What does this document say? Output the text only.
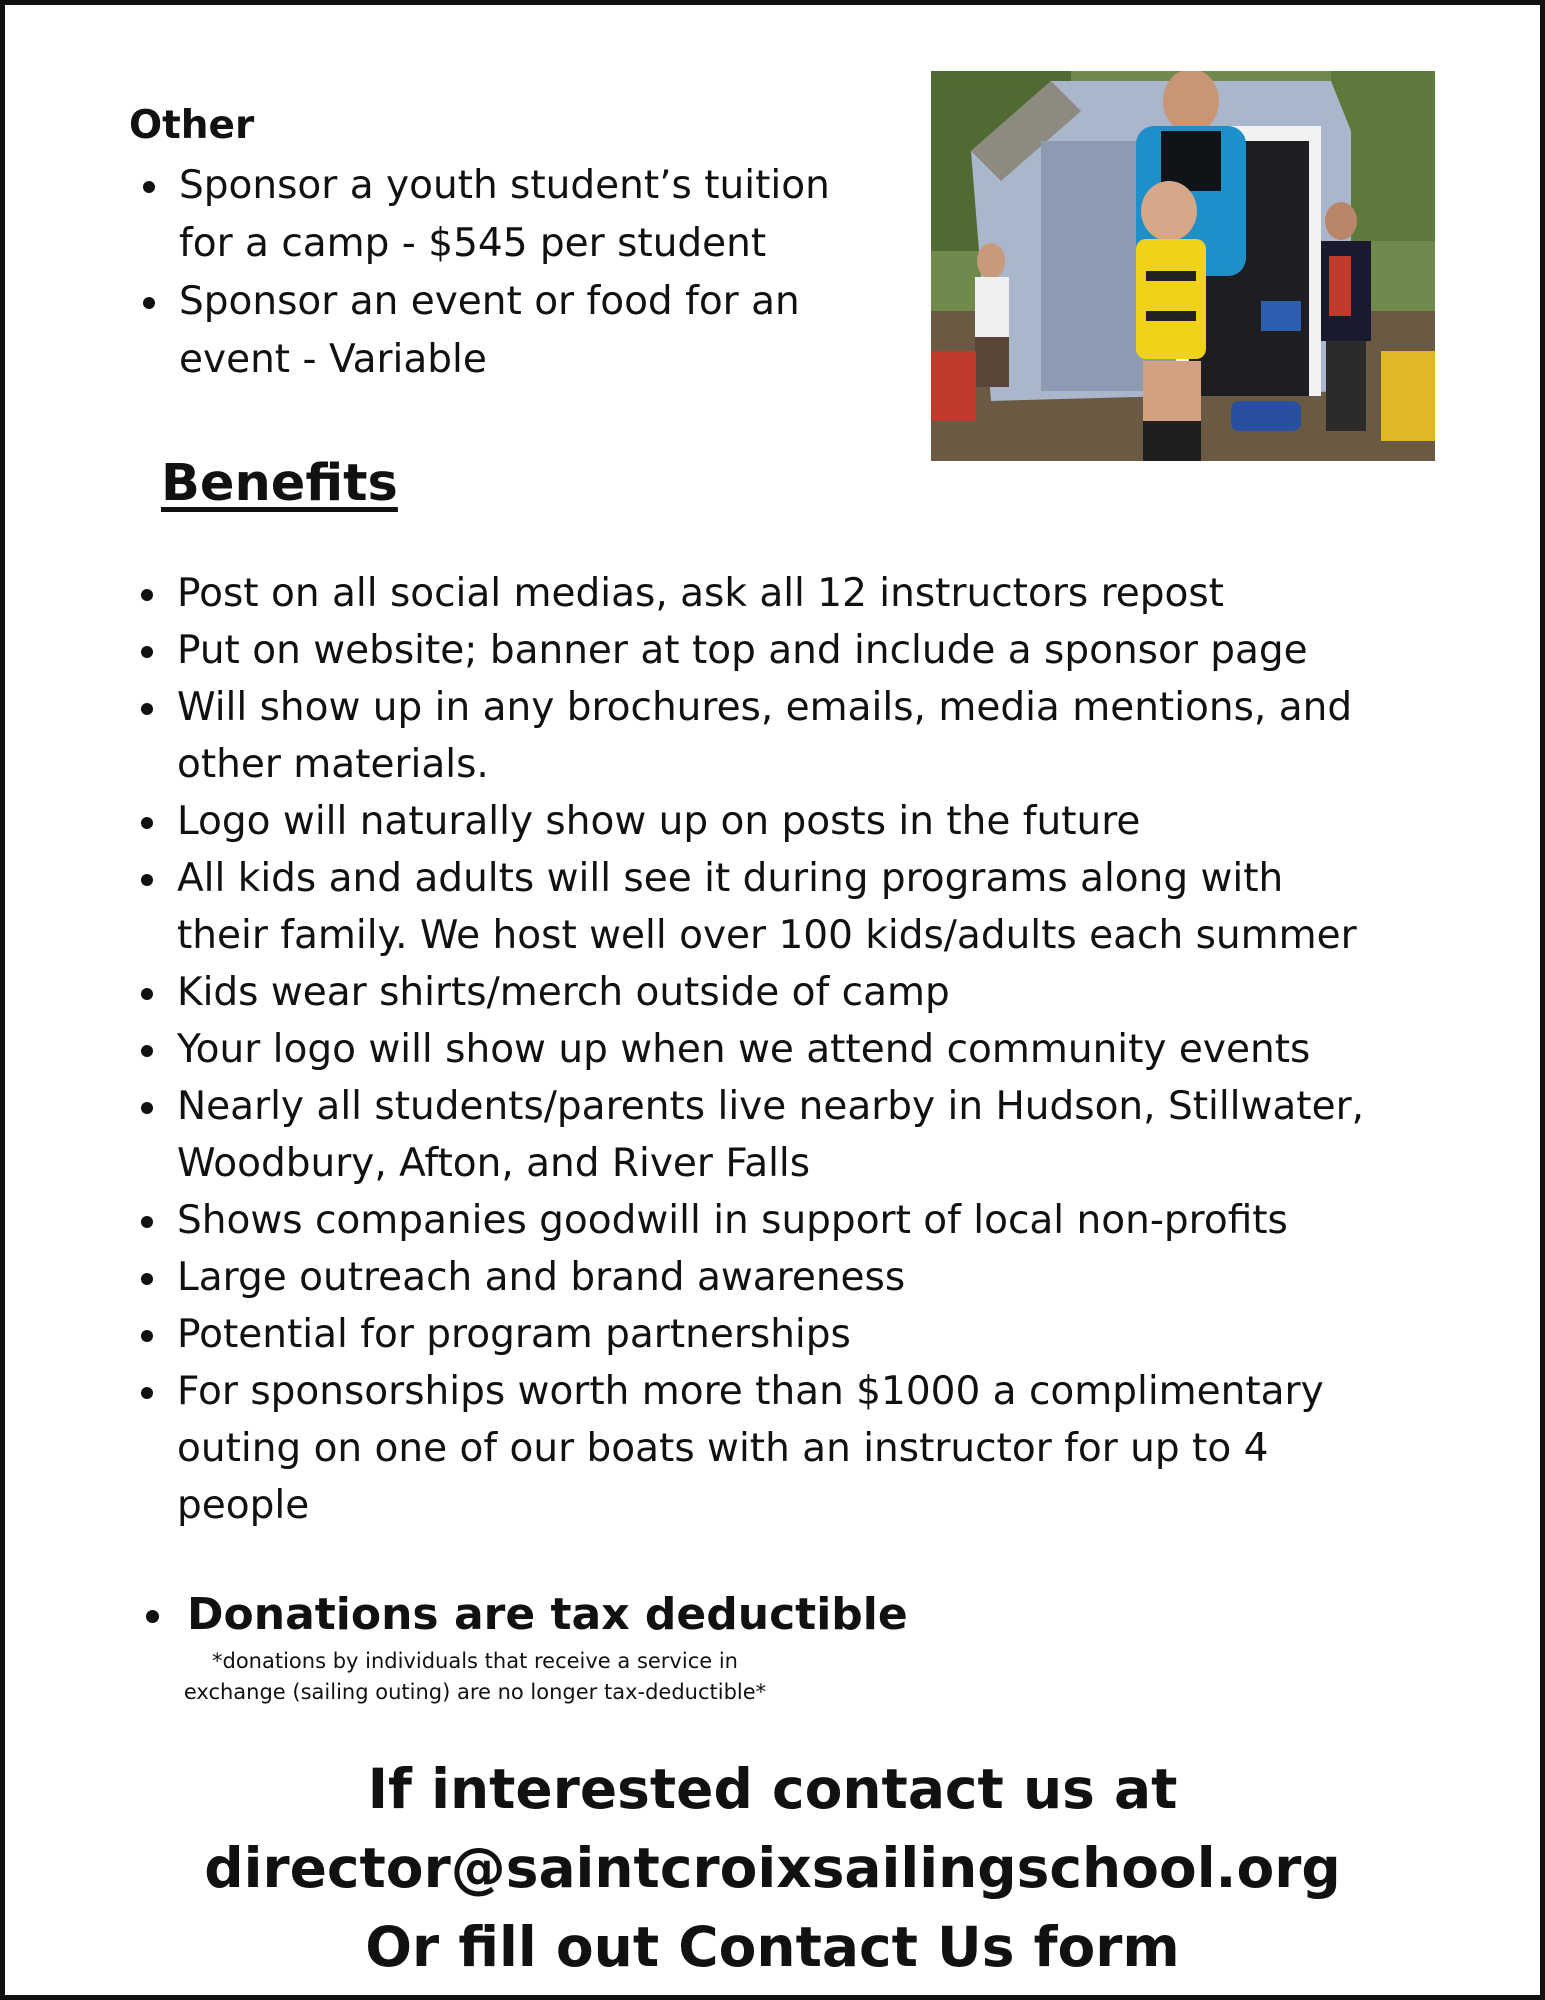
Other
• Sponsor a youth student’s tuition
for a camp - $545 per student
• Sponsor an event or food for an
event - Variable
Benefits
• Post on all social medias, ask all 12 instructors repost
• Put on website; banner at top and include a sponsor page
• Will show up in any brochures, emails, media mentions, and other materials.
• Logo will naturally show up on posts in the future
• All kids and adults will see it during programs along with their family. We host well over 100 kids/adults each summer
• Kids wear shirts/merch outside of camp
• Your logo will show up when we attend community events
• Nearly all students/parents live nearby in Hudson, Stillwater, Woodbury, Afton, and River Falls
• Shows companies goodwill in support of local non-profits
• Large outreach and brand awareness
• Potential for program partnerships
• For sponsorships worth more than $1000 a complimentary outing on one of our boats with an instructor for up to 4 people
• Donations are tax deductible
*donations by individuals that receive a service in
exchange (sailing outing) are no longer tax-deductible*
If interested contact us at
director@saintcroixsailingschool.org
Or fill out Contact Us form
